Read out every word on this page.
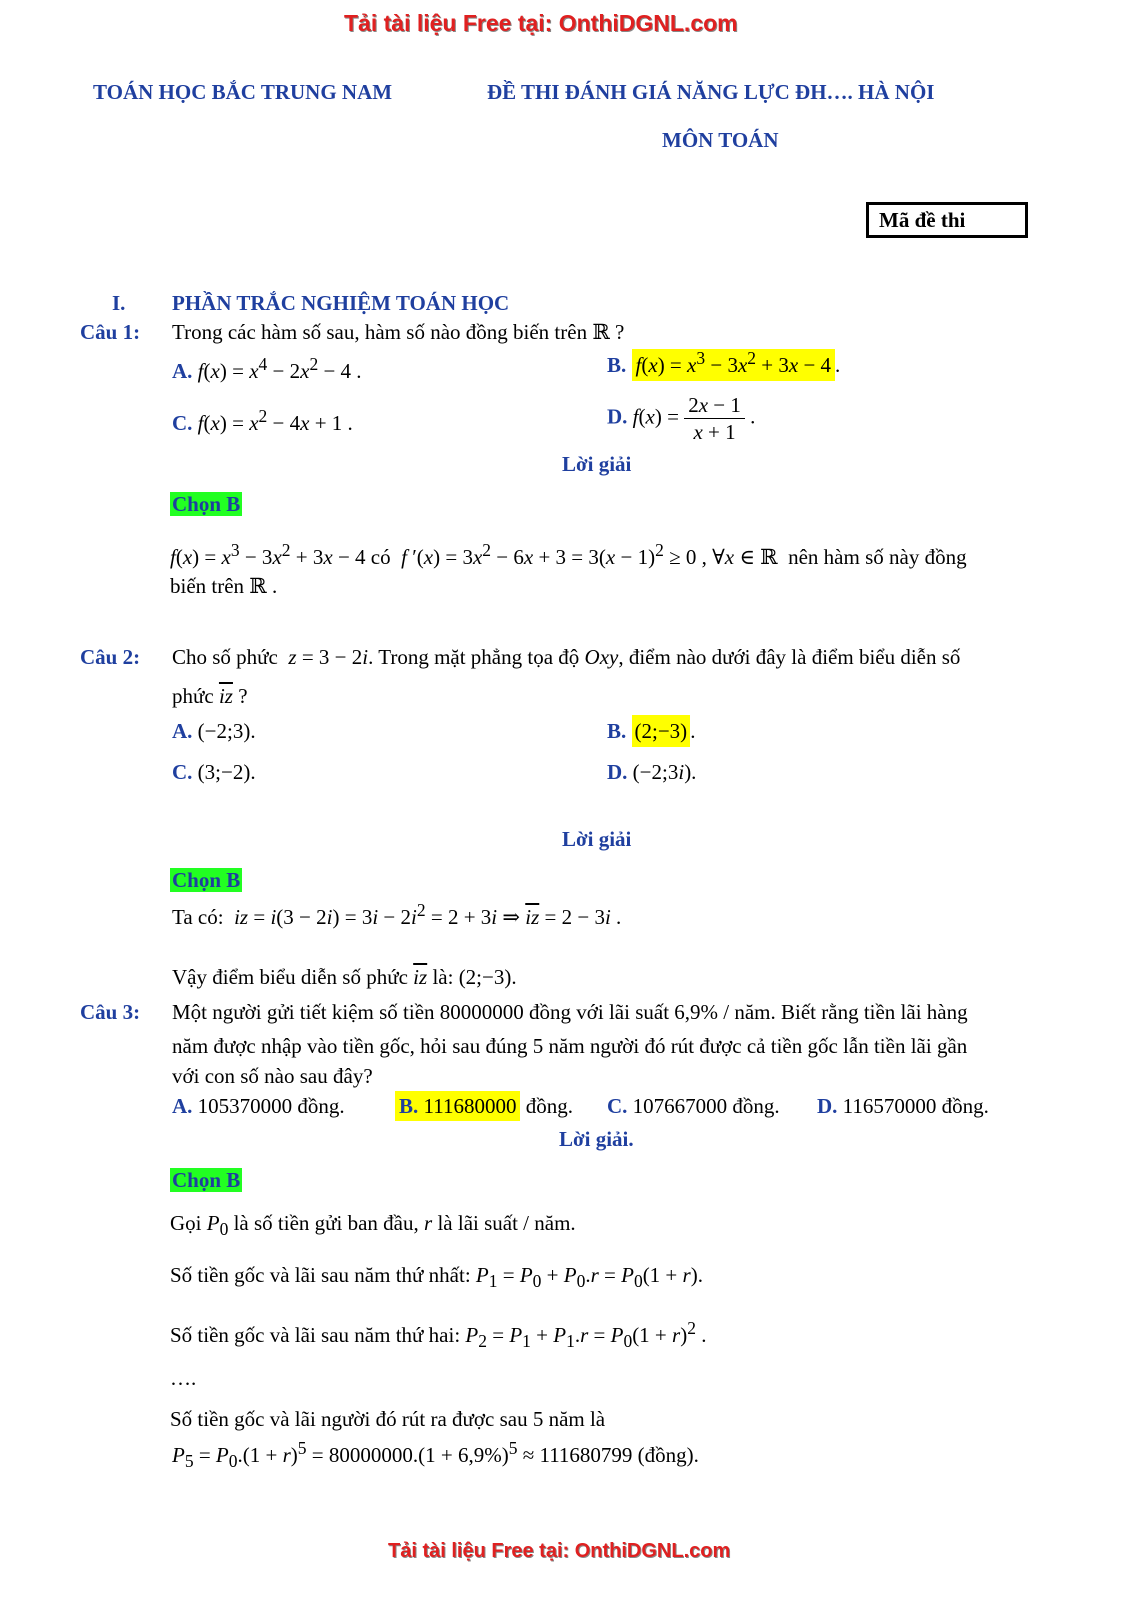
Tải tài liệu Free tại: OnthiDGNL.com
TOÁN HỌC BẮC TRUNG NAM	ĐỀ THI ĐÁNH GIÁ NĂNG LỰC ĐH…. HÀ NỘI
MÔN TOÁN
Mã đề thi
I. PHẦN TRẮC NGHIỆM TOÁN HỌC
Câu 1: Trong các hàm số sau, hàm số nào đồng biến trên ℝ ?
A. $f(x) = x^4 - 2x^2 - 4$ .	B. $f(x) = x^3 - 3x^2 + 3x - 4$ .
C. $f(x) = x^2 - 4x + 1$ .	D. $f(x) = \frac{2x - 1}{x + 1}$ .
Lời giải
Chọn B
$f(x) = x^3 - 3x^2 + 3x - 4$ có  f $'(x) = 3x^2 - 6x + 3 = 3(x - 1)^2 \ge 0$ , ∀x ∈ ℝ  nên hàm số này đồng
biến trên ℝ .
Câu 2: Cho số phức z = 3 − 2i. Trong mặt phẳng tọa độ Oxy, điểm nào dưới đây là điểm biểu diễn số
phức $\overline{iz}$ ?
A. (−2;3).	B. (2;−3) .
C. (3;−2).	D. (−2;3i).
Lời giải
Chọn B
Ta có: iz = $i(3 - 2i) = 3i - 2i^2 = 2 + 3i$ ⇒ $\overline{iz} = 2 - 3i$ .
Vậy điểm biểu diễn số phức $\overline{iz}$ là: (2;−3).
Câu 3: Một người gửi tiết kiệm số tiền 80000000 đồng với lãi suất 6,9% / năm. Biết rằng tiền lãi hàng
năm được nhập vào tiền gốc, hỏi sau đúng 5 năm người đó rút được cả tiền gốc lẫn tiền lãi gần
với con số nào sau đây?
A. 105370000 đồng.	B. 111680000 đồng. C. 107667000 đồng. D. 116570000 đồng.
Lời giải.
Chọn B
Gọi $P_0$ là số tiền gửi ban đầu, r là lãi suất / năm.
Số tiền gốc và lãi sau năm thứ nhất: $P_1 = P_0 + P_0.r = P_0(1 + r)$.
Số tiền gốc và lãi sau năm thứ hai: $P_2 = P_1 + P_1.r = P_0(1 + r)^2$ .
….
Số tiền gốc và lãi người đó rút ra được sau 5 năm là
$P_5 = P_0.(1 + r)^5 = 80000000.(1 + 6,9\%)^5 \approx 111680799$ (đồng).
Tải tài liệu Free tại: OnthiDGNL.com
